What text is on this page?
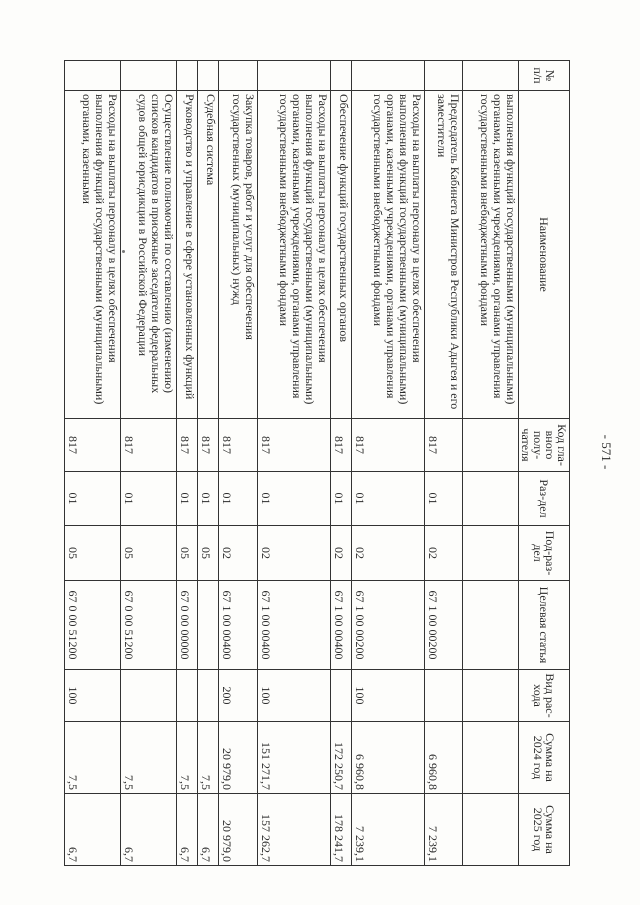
- 571 -
№ п/п	Наименование	Код гла-вного полу-чателя	Раз-дел	Под-раз-дел	Целевая статья	Вид рас-хода	Сумма на 2024 год	Сумма на 2025 год
	выполнения функций государственными (муниципальными) органами, казенными учреждениями, органами управления государственными внебюджетными фондами							
	Председатель Кабинета Министров Республики Адыгея и его заместители	817	01	02	67 1 00 00200		6 960,8	7 239,1
	Расходы на выплаты персоналу в целях обеспечения выполнения функций государственными (муниципальными) органами, казенными учреждениями, органами управления государственными внебюджетными фондами	817	01	02	67 1 00 00200	100	6 960,8	7 239,1
	Обеспечение функций государственных органов	817	01	02	67 1 00 00400		172 250,7	178 241,7
	Расходы на выплаты персоналу в целях обеспечения выполнения функций государственными (муниципальными) органами, казенными учреждениями, органами управления государственными внебюджетными фондами	817	01	02	67 1 00 00400	100	151 271,7	157 262,7
	Закупка товаров, работ и услуг для обеспечения государственных (муниципальных) нужд	817	01	02	67 1 00 00400	200	20 979,0	20 979,0
	Судебная система	817	01	05			7,5	6,7
	Руководство и управление в сфере установленных функций	817	01	05	67 0 00 00000		7,5	6,7
	Осуществление полномочий по составлению (изменению) списков кандидатов в присяжные заседатели федеральных судов общей юрисдикции в Российской Федерации	817	01	05	67 0 00 51200		7,5	6,7
	Расходы на выплаты персоналу в целях обеспечения выполнения функций государственными (муниципальными) органами, казенными	817	01	05	67 0 00 51200	100	7,5	6,7
